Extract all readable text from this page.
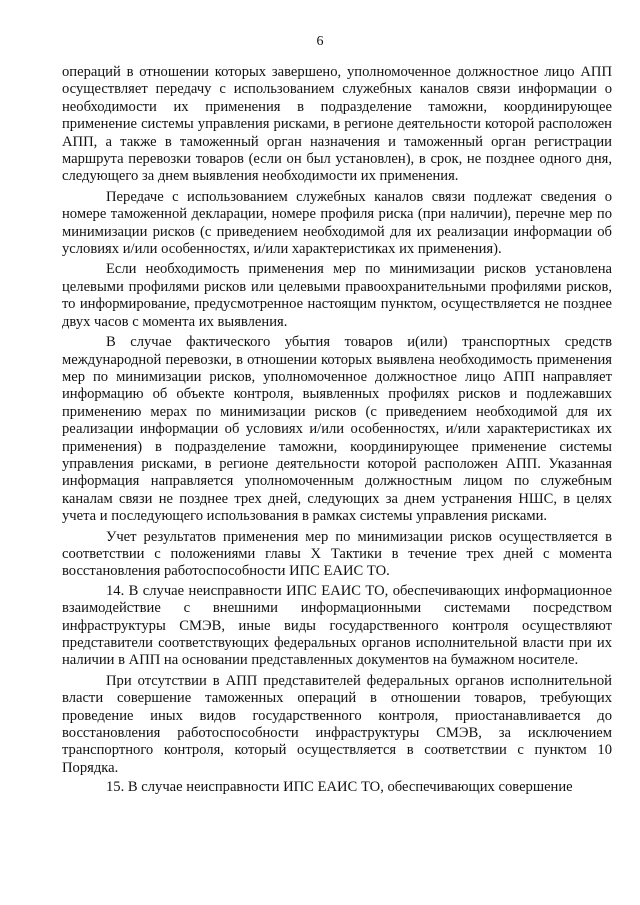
6

операций в отношении которых завершено, уполномоченное должностное лицо АПП осуществляет передачу с использованием служебных каналов связи информации о необходимости их применения в подразделение таможни, координирующее применение системы управления рисками, в регионе деятельности которой расположен АПП, а также в таможенный орган назначения и таможенный орган регистрации маршрута перевозки товаров (если он был установлен), в срок, не позднее одного дня, следующего за днем выявления необходимости их применения.

Передаче с использованием служебных каналов связи подлежат сведения о номере таможенной декларации, номере профиля риска (при наличии), перечне мер по минимизации рисков (с приведением необходимой для их реализации информации об условиях и/или особенностях, и/или характеристиках их применения).

Если необходимость применения мер по минимизации рисков установлена целевыми профилями рисков или целевыми правоохранительными профилями рисков, то информирование, предусмотренное настоящим пунктом, осуществляется не позднее двух часов с момента их выявления.

В случае фактического убытия товаров и(или) транспортных средств международной перевозки, в отношении которых выявлена необходимость применения мер по минимизации рисков, уполномоченное должностное лицо АПП направляет информацию об объекте контроля, выявленных профилях рисков и подлежавших применению мерах по минимизации рисков (с приведением необходимой для их реализации информации об условиях и/или особенностях, и/или характеристиках их применения) в подразделение таможни, координирующее применение системы управления рисками, в регионе деятельности которой расположен АПП. Указанная информация направляется уполномоченным должностным лицом по служебным каналам связи не позднее трех дней, следующих за днем устранения НШС, в целях учета и последующего использования в рамках системы управления рисками.

Учет результатов применения мер по минимизации рисков осуществляется в соответствии с положениями главы X Тактики в течение трех дней с момента восстановления работоспособности ИПС ЕАИС ТО.

14. В случае неисправности ИПС ЕАИС ТО, обеспечивающих информационное взаимодействие с внешними информационными системами посредством инфраструктуры СМЭВ, иные виды государственного контроля осуществляют представители соответствующих федеральных органов исполнительной власти при их наличии в АПП на основании представленных документов на бумажном носителе.

При отсутствии в АПП представителей федеральных органов исполнительной власти совершение таможенных операций в отношении товаров, требующих проведение иных видов государственного контроля, приостанавливается до восстановления работоспособности инфраструктуры СМЭВ, за исключением транспортного контроля, который осуществляется в соответствии с пунктом 10 Порядка.

15. В случае неисправности ИПС ЕАИС ТО, обеспечивающих совершение
